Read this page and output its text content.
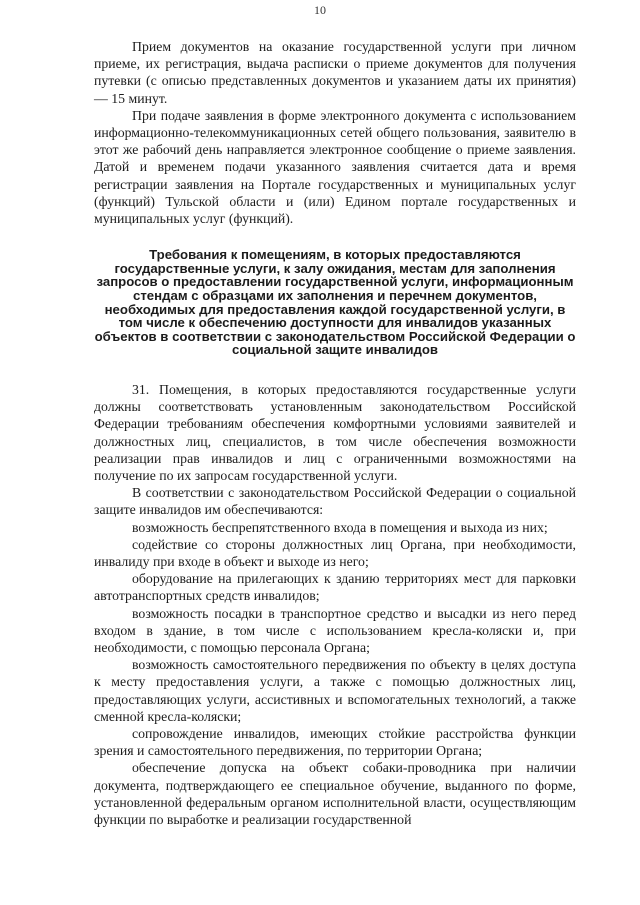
10

Прием документов на оказание государственной услуги при личном приеме, их регистрация, выдача расписки о приеме документов для получения путевки (с описью представленных документов и указанием даты их принятия) — 15 минут.

При подаче заявления в форме электронного документа с использованием информационно-телекоммуникационных сетей общего пользования, заявителю в этот же рабочий день направляется электронное сообщение о приеме заявления. Датой и временем подачи указанного заявления считается дата и время регистрации заявления на Портале государственных и муниципальных услуг (функций) Тульской области и (или) Едином портале государственных и муниципальных услуг (функций).

Требования к помещениям, в которых предоставляются государственные услуги, к залу ожидания, местам для заполнения запросов о предоставлении государственной услуги, информационным стендам с образцами их заполнения и перечнем документов, необходимых для предоставления каждой государственной услуги, в том числе к обеспечению доступности для инвалидов указанных объектов в соответствии с законодательством Российской Федерации о социальной защите инвалидов

31. Помещения, в которых предоставляются государственные услуги должны соответствовать установленным законодательством Российской Федерации требованиям обеспечения комфортными условиями заявителей и должностных лиц, специалистов, в том числе обеспечения возможности реализации прав инвалидов и лиц с ограниченными возможностями на получение по их запросам государственной услуги.

В соответствии с законодательством Российской Федерации о социальной защите инвалидов им обеспечиваются:

возможность беспрепятственного входа в помещения и выхода из них;

содействие со стороны должностных лиц Органа, при необходимости, инвалиду при входе в объект и выходе из него;

оборудование на прилегающих к зданию территориях мест для парковки автотранспортных средств инвалидов;

возможность посадки в транспортное средство и высадки из него перед входом в здание, в том числе с использованием кресла-коляски и, при необходимости, с помощью персонала Органа;

возможность самостоятельного передвижения по объекту в целях доступа к месту предоставления услуги, а также с помощью должностных лиц, предоставляющих услуги, ассистивных и вспомогательных технологий, а также сменной кресла-коляски;

сопровождение инвалидов, имеющих стойкие расстройства функции зрения и самостоятельного передвижения, по территории Органа;

обеспечение допуска на объект собаки-проводника при наличии документа, подтверждающего ее специальное обучение, выданного по форме, установленной федеральным органом исполнительной власти, осуществляющим функции по выработке и реализации государственной
